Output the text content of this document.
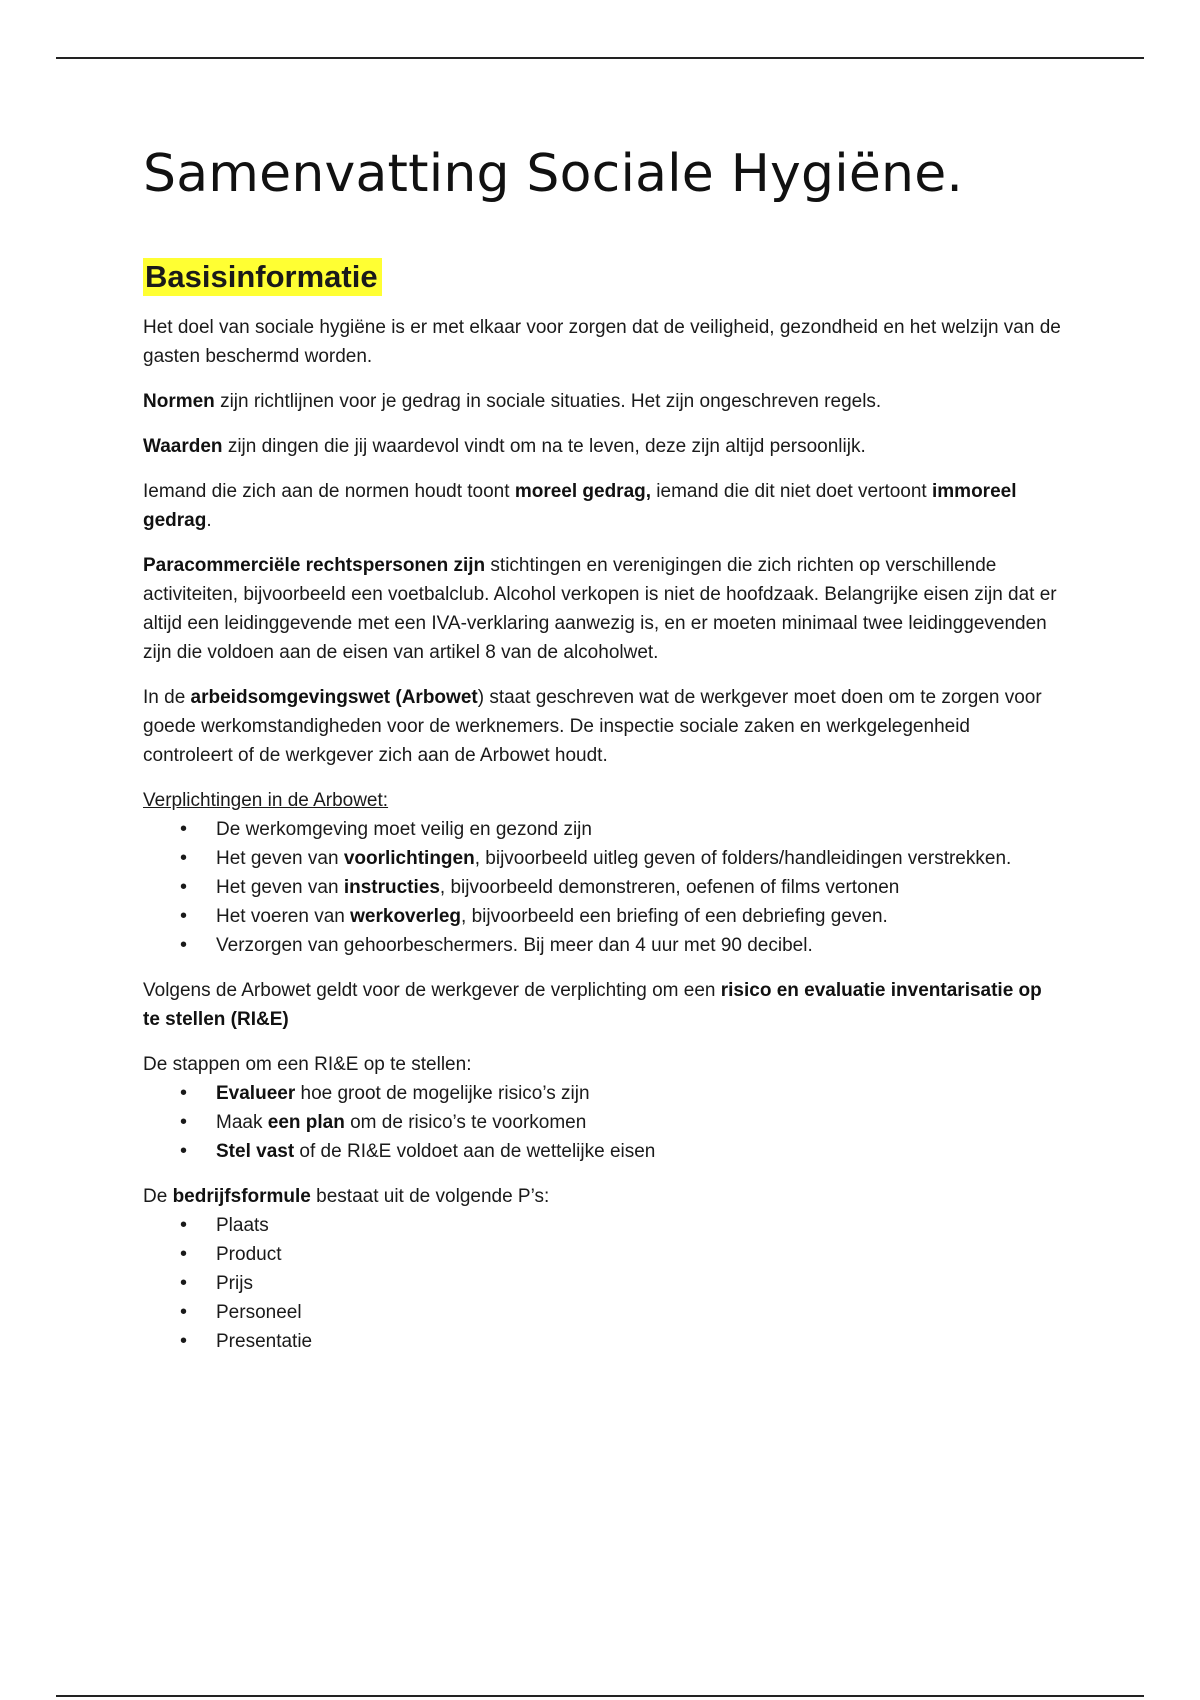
Samenvatting Sociale Hygiëne.
Basisinformatie

Het doel van sociale hygiëne is er met elkaar voor zorgen dat de veiligheid, gezondheid en het welzijn van de gasten beschermd worden.

Normen zijn richtlijnen voor je gedrag in sociale situaties. Het zijn ongeschreven regels.

Waarden zijn dingen die jij waardevol vindt om na te leven, deze zijn altijd persoonlijk.

Iemand die zich aan de normen houdt toont moreel gedrag, iemand die dit niet doet vertoont immoreel gedrag.

Paracommerciële rechtspersonen zijn stichtingen en verenigingen die zich richten op verschillende activiteiten, bijvoorbeeld een voetbalclub. Alcohol verkopen is niet de hoofdzaak. Belangrijke eisen zijn dat er altijd een leidinggevende met een IVA-verklaring aanwezig is, en er moeten minimaal twee leidinggevenden zijn die voldoen aan de eisen van artikel 8 van de alcoholwet.

In de arbeidsomgevingswet (Arbowet) staat geschreven wat de werkgever moet doen om te zorgen voor goede werkomstandigheden voor de werknemers. De inspectie sociale zaken en werkgelegenheid controleert of de werkgever zich aan de Arbowet houdt.

Verplichtingen in de Arbowet:

• De werkomgeving moet veilig en gezond zijn
• Het geven van voorlichtingen, bijvoorbeeld uitleg geven of folders/handleidingen verstrekken.
• Het geven van instructies, bijvoorbeeld demonstreren, oefenen of films vertonen
• Het voeren van werkoverleg, bijvoorbeeld een briefing of een debriefing geven.
• Verzorgen van gehoorbeschermers. Bij meer dan 4 uur met 90 decibel.

Volgens de Arbowet geldt voor de werkgever de verplichting om een risico en evaluatie inventarisatie op te stellen (RI&E)

De stappen om een RI&E op te stellen:

• Evalueer hoe groot de mogelijke risico’s zijn
• Maak een plan om de risico’s te voorkomen
• Stel vast of de RI&E voldoet aan de wettelijke eisen

De bedrijfsformule bestaat uit de volgende P’s:

• Plaats
• Product
• Prijs
• Personeel
• Presentatie
